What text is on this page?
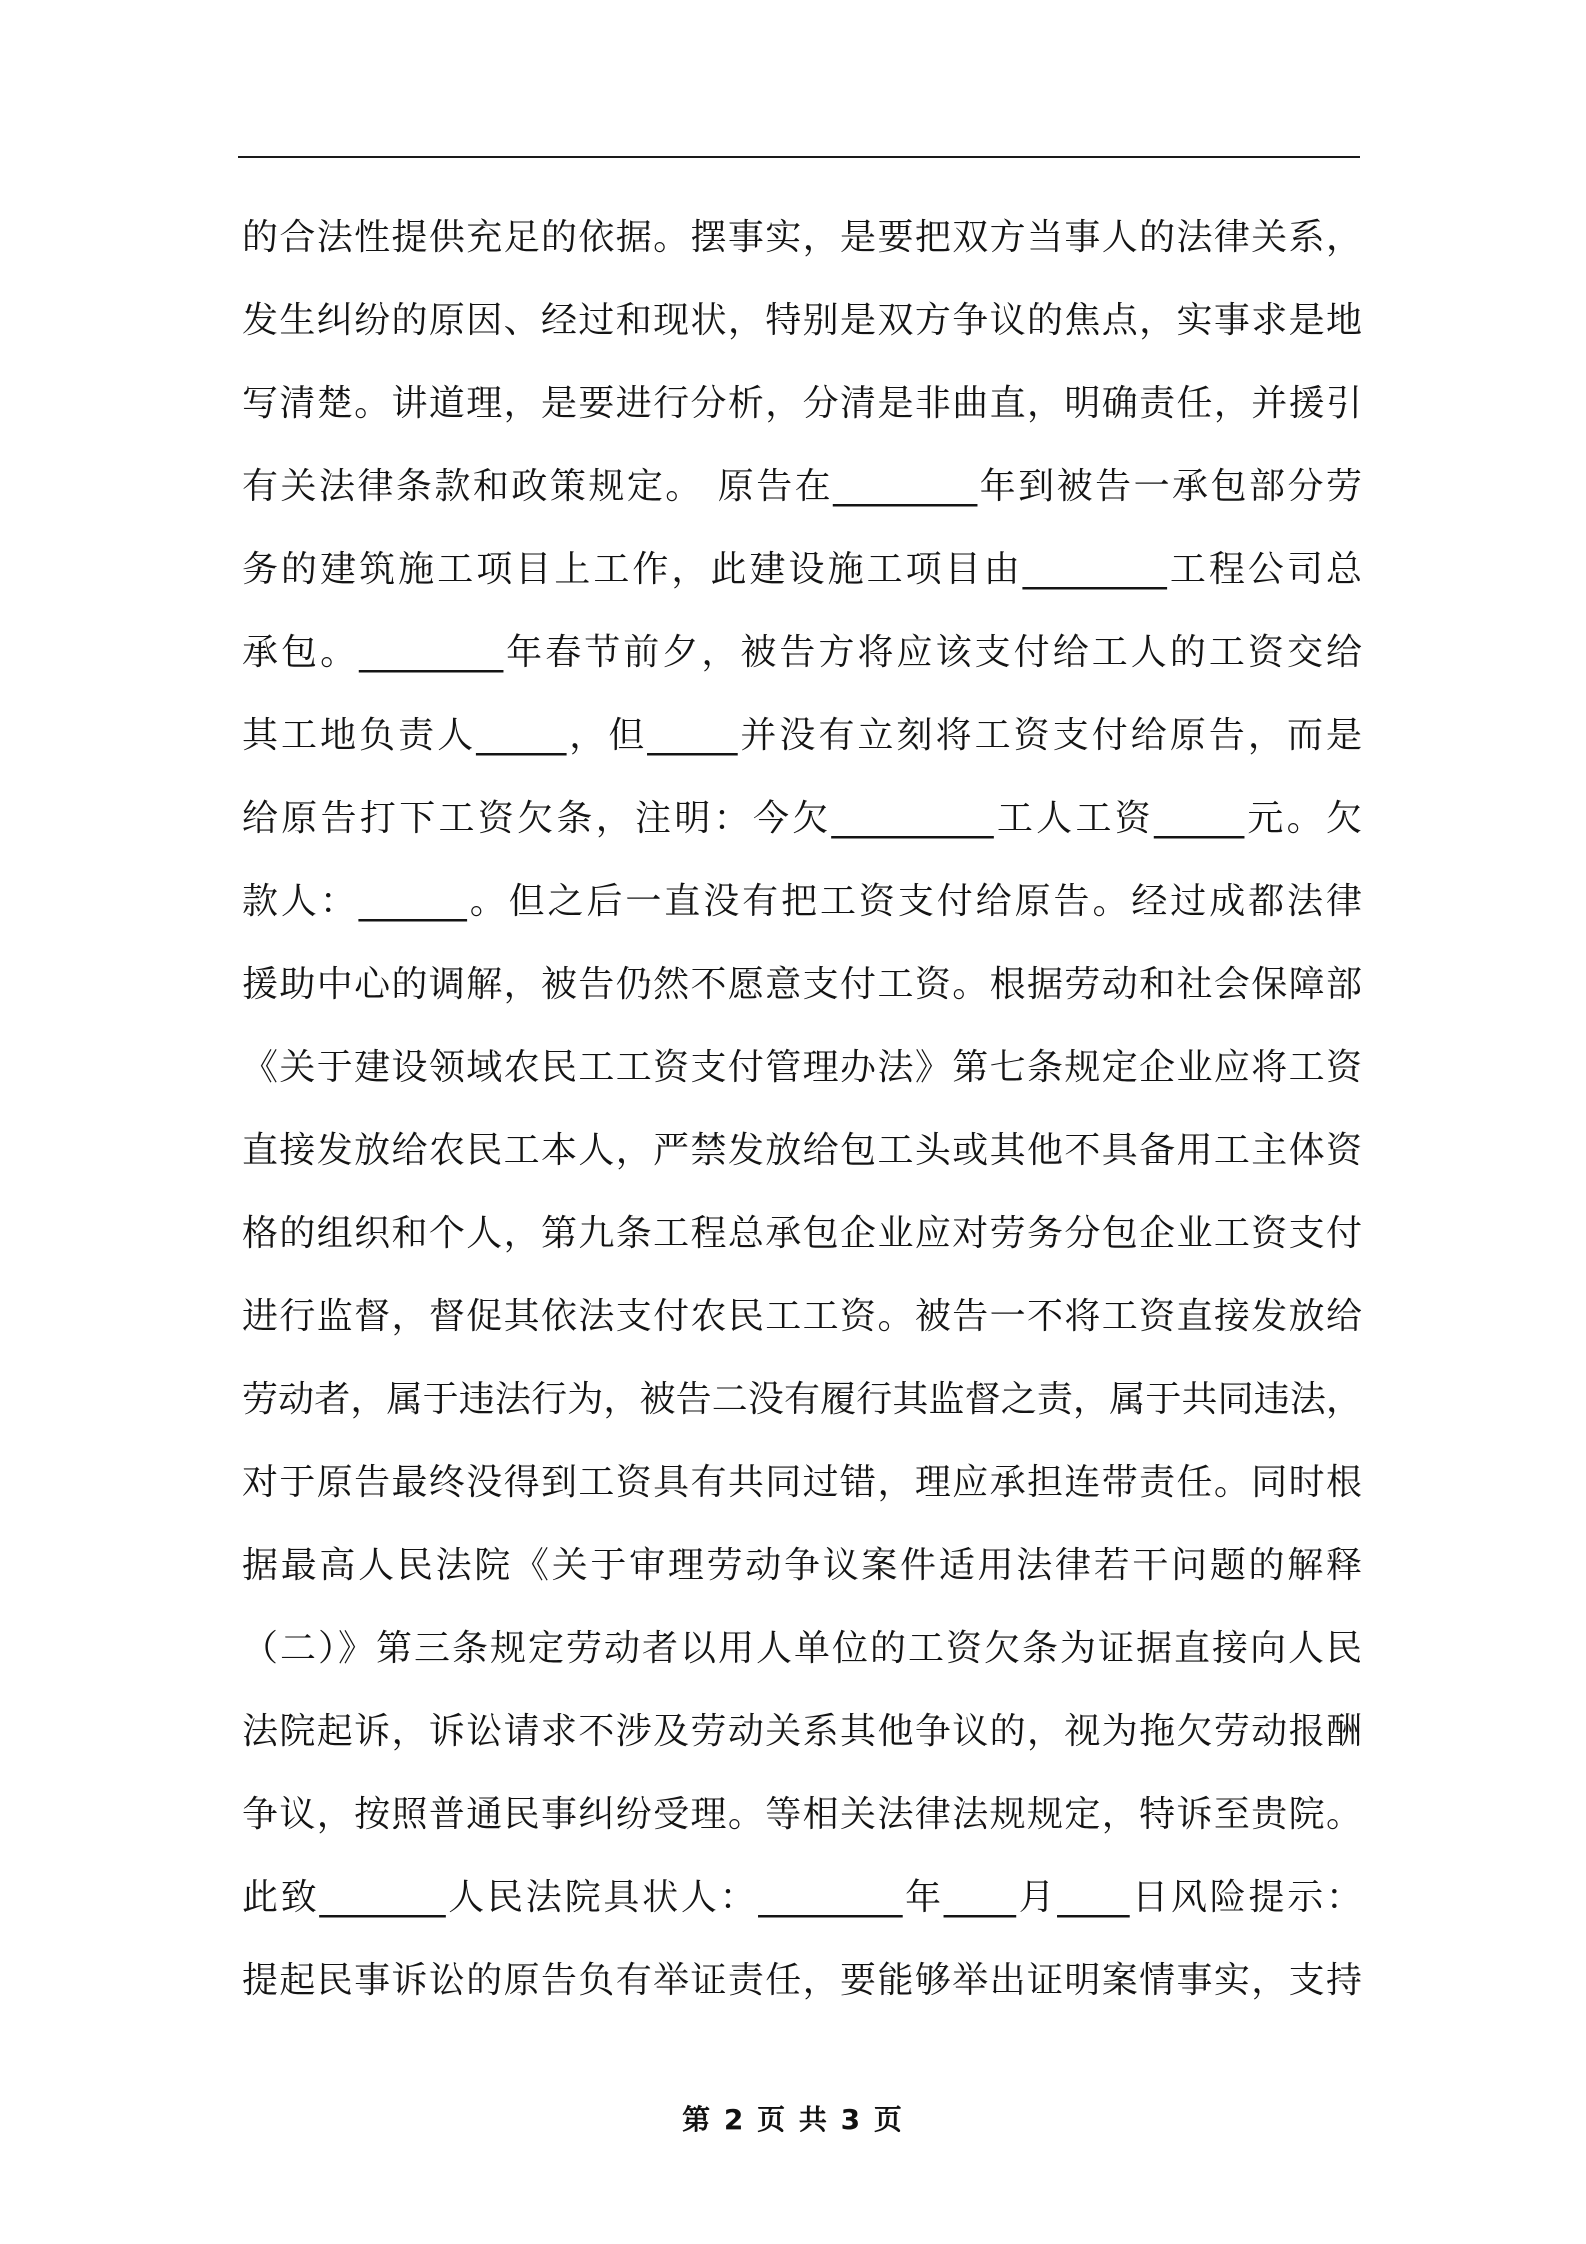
的合法性提供充足的依据。摆事实，是要把双方当事人的法律关系，
发生纠纷的原因、经过和现状，特别是双方争议的焦点，实事求是地
写清楚。讲道理，是要进行分析，分清是非曲直，明确责任，并援引
有关法律条款和政策规定。 原告在________年到被告一承包部分劳
务的建筑施工项目上工作，此建设施工项目由________工程公司总
承包。________年春节前夕，被告方将应该支付给工人的工资交给
其工地负责人_____，但_____并没有立刻将工资支付给原告，而是
给原告打下工资欠条，注明：今欠_________工人工资_____元。欠
款人：______。但之后一直没有把工资支付给原告。经过成都法律
援助中心的调解，被告仍然不愿意支付工资。根据劳动和社会保障部
《关于建设领域农民工工资支付管理办法》第七条规定企业应将工资
直接发放给农民工本人，严禁发放给包工头或其他不具备用工主体资
格的组织和个人，第九条工程总承包企业应对劳务分包企业工资支付
进行监督，督促其依法支付农民工工资。被告一不将工资直接发放给
劳动者，属于违法行为，被告二没有履行其监督之责，属于共同违法，
对于原告最终没得到工资具有共同过错，理应承担连带责任。同时根
据最高人民法院《关于审理劳动争议案件适用法律若干问题的解释
（二）》第三条规定劳动者以用人单位的工资欠条为证据直接向人民
法院起诉，诉讼请求不涉及劳动关系其他争议的，视为拖欠劳动报酬
争议，按照普通民事纠纷受理。等相关法律法规规定，特诉至贵院。
此致_______人民法院具状人：________年____月____日风险提示：
提起民事诉讼的原告负有举证责任，要能够举出证明案情事实，支持
第 2 页 共 3 页
